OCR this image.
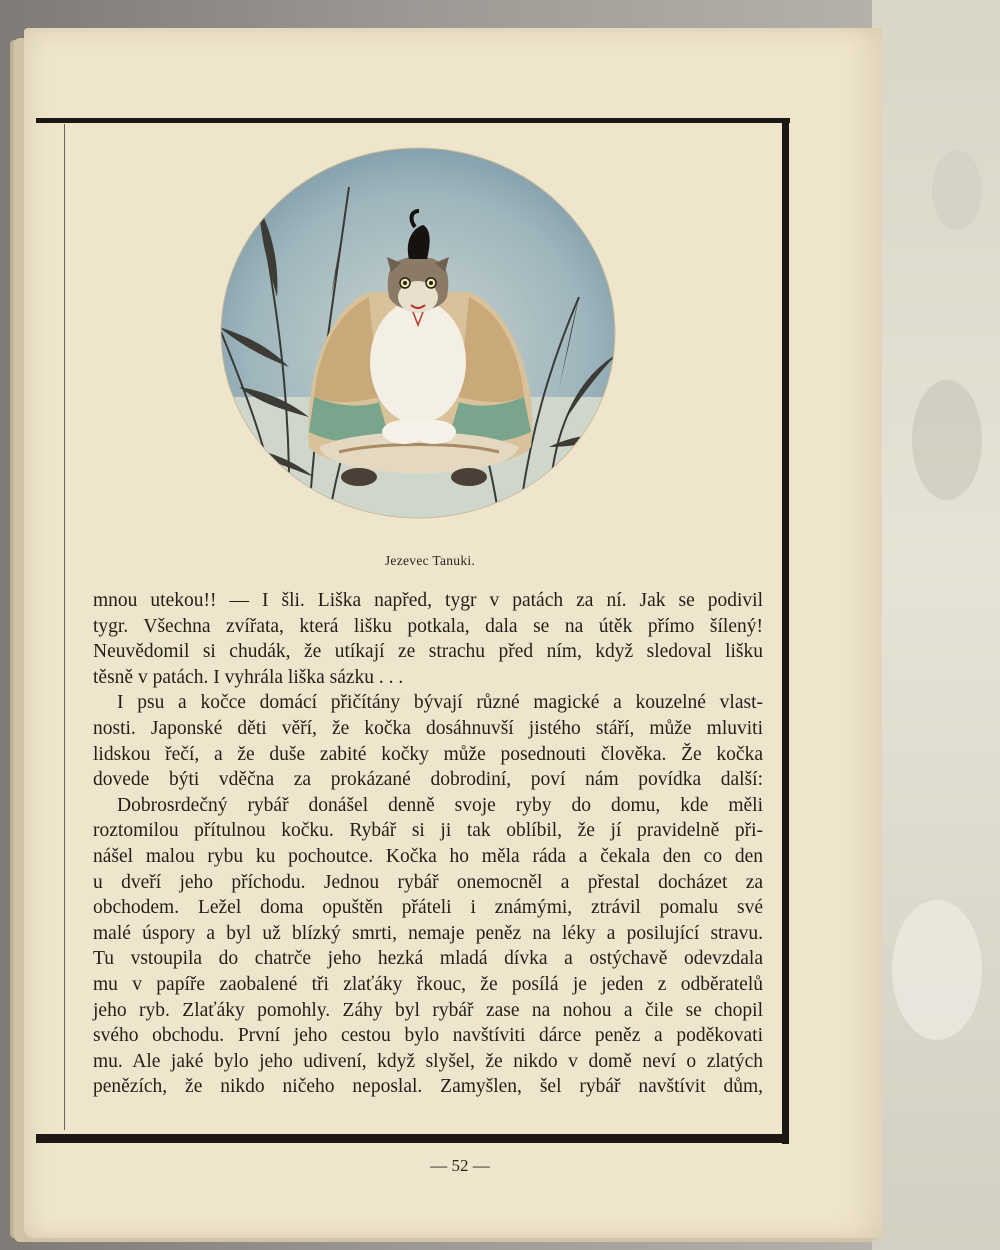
Jezevec Tanuki.
mnou utekou!! — I šli. Liška napřed, tygr v patách za ní. Jak se podivil
tygr. Všechna zvířata, která lišku potkala, dala se na útěk přímo šílený!
Neuvědomil si chudák, že utíkají ze strachu před ním, když sledoval lišku
těsně v patách. I vyhrála liška sázku . . .
I psu a kočce domácí přičítány bývají různé magické a kouzelné vlast-
nosti. Japonské děti věří, že kočka dosáhnuvší jistého stáří, může mluviti
lidskou řečí, a že duše zabité kočky může posednouti člověka. Že kočka
dovede býti vděčna za prokázané dobrodiní, poví nám povídka další:
Dobrosrdečný rybář donášel denně svoje ryby do domu, kde měli
roztomilou přítulnou kočku. Rybář si ji tak oblíbil, že jí pravidelně při-
nášel malou rybu ku pochoutce. Kočka ho měla ráda a čekala den co den
u dveří jeho příchodu. Jednou rybář onemocněl a přestal docházet za
obchodem. Ležel doma opuštěn přáteli i známými, ztrávil pomalu své
malé úspory a byl už blízký smrti, nemaje peněz na léky a posilující stravu.
Tu vstoupila do chatrče jeho hezká mladá dívka a ostýchavě odevzdala
mu v papíře zaobalené tři zlaťáky řkouc, že posílá je jeden z odběratelů
jeho ryb. Zlaťáky pomohly. Záhy byl rybář zase na nohou a čile se chopil
svého obchodu. První jeho cestou bylo navštíviti dárce peněz a poděkovati
mu. Ale jaké bylo jeho udivení, když slyšel, že nikdo v domě neví o zlatých
penězích, že nikdo ničeho neposlal. Zamyšlen, šel rybář navštívit dům,
— 52 —
